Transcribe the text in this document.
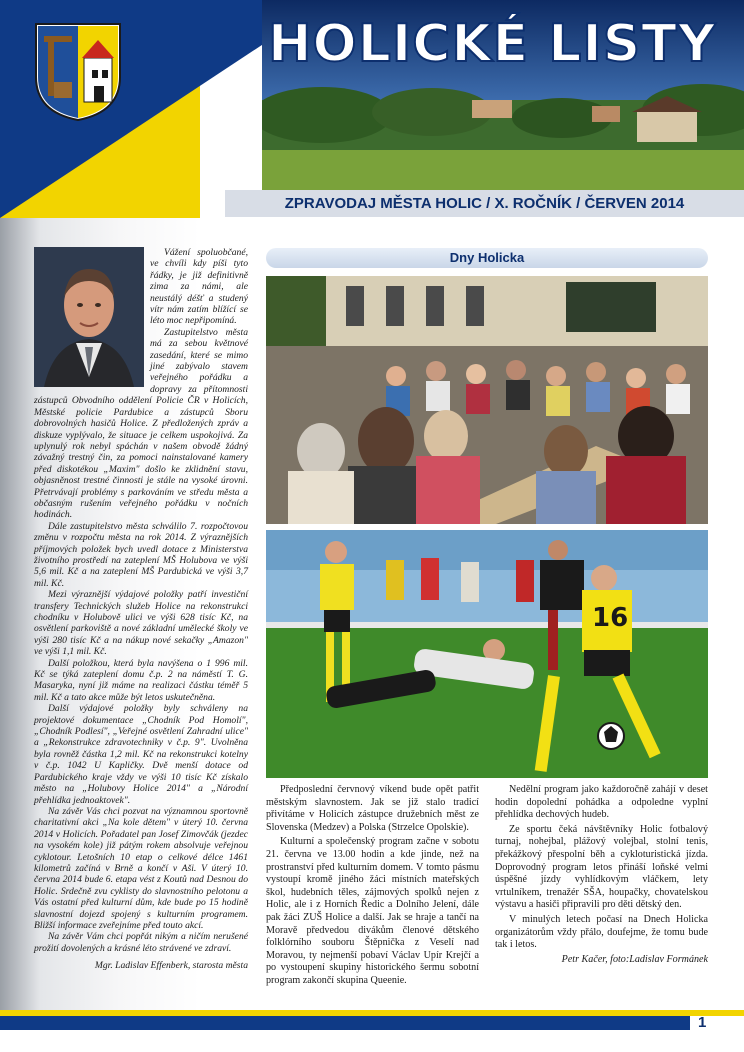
HOLICKÉ LISTY
ZPRAVODAJ MĚSTA HOLIC / X. ROČNÍK / ČERVEN 2014

Vážení spoluobčané, ve chvíli kdy píši tyto řádky, je již definitivně zima za námi, ale neustálý déšť a studený vítr nám zatím blížící se léto moc nepřipomíná.

Zastupitelstvo města má za sebou květnové zasedání, které se mimo jiné zabývalo stavem veřejného pořádku a dopravy za přítomnosti zástupců Obvodního oddělení Policie ČR v Holicích, Městské policie Pardubice a zástupců Sboru dobrovolných hasičů Holice. Z předložených zpráv a diskuze vyplývalo, že situace je celkem uspokojivá. Za uplynulý rok nebyl spáchán v našem obvodě žádný závažný trestný čin, za pomoci nainstalované kamery před diskotékou „Maxim" došlo ke zklidnění stavu, objasněnost trestné činnosti je stále na vysoké úrovni. Přetrvávají problémy s parkováním ve středu města a občasným rušením veřejného pořádku v nočních hodinách.

Dále zastupitelstvo města schválilo 7. rozpočtovou změnu v rozpočtu města na rok 2014. Z výraznějších příjmových položek bych uvedl dotace z Ministerstva životního prostředí na zateplení MŠ Holubova ve výši 5,6 mil. Kč a na zateplení MŠ Pardubická ve výši 3,7 mil. Kč.

Mezi výraznější výdajové položky patří investiční transfery Technických služeb Holice na rekonstrukci chodníku v Holubově ulici ve výši 628 tisíc Kč, na osvětlení parkoviště a nové základní umělecké školy ve výši 280 tisíc Kč a na nákup nové sekačky „Amazon" ve výši 1,1 mil. Kč.

Další položkou, která byla navýšena o 1 996 mil. Kč se týká zateplení domu č.p. 2 na náměstí T. G. Masaryka, nyní již máme na realizaci částku téměř 5 mil. Kč a tato akce může být letos uskutečněna.

Další výdajové položky byly schváleny na projektové dokumentace „Chodník Pod Homolí", „Chodník Podlesí", „Veřejné osvětlení Zahradní ulice" a „Rekonstrukce zdravotechniky v č.p. 9". Uvolněna byla rovněž částka 1,2 mil. Kč na rekonstrukci kotelny v č.p. 1042 U Kapličky. Dvě menší dotace od Pardubického kraje vždy ve výši 10 tisíc Kč získalo město na „Holubovy Holice 2014" a „Národní přehlídka jednoaktovek".

Na závěr Vás chci pozvat na významnou sportovně charitativní akci „Na kole dětem" v úterý 10. června 2014 v Holicích. Pořadatel pan Josef Zimovčák (jezdec na vysokém kole) již pátým rokem absolvuje veřejnou cyklotour. Letošních 10 etap o celkové délce 1461 kilometrů začíná v Brně a končí v Aši. V úterý 10. června 2014 bude 6. etapa vést z Koutů nad Desnou do Holic. Srdečně zvu cyklisty do slavnostního pelotonu a Vás ostatní před kulturní dům, kde bude po 15 hodině slavnostní dojezd spojený s kulturním programem. Bližší informace zveřejníme před touto akcí.

Na závěr Vám chci popřát nikým a ničím nerušené prožití dovolených a krásné léto strávené ve zdraví.

Mgr. Ladislav Effenberk, starosta města

Dny Holicka
16

Předposlední červnový víkend bude opět patřit městským slavnostem. Jak se již stalo tradicí přivítáme v Holicích zástupce družebních měst ze Slovenska (Medzev) a Polska (Strzelce Opolskie).

Kulturní a společenský program začne v sobotu 21. června ve 13.00 hodin a kde jinde, než na prostranství před kulturním domem. V tomto pásmu vystoupí kromě jiného žáci místních mateřských škol, hudebních těles, zájmových spolků nejen z Holic, ale i z Horních Ředic a Dolního Jelení, dále pak žáci ZUŠ Holice a další. Jak se hraje a tančí na Moravě předvedou divákům členové dětského folklórního souboru Štěpnička z Veselí nad Moravou, ty nejmenší pobaví Václav Upír Krejčí a po vystoupení skupiny historického šermu sobotní program zakončí skupina Queenie.

Nedělní program jako každoročně zahájí v deset hodin dopolední pohádka a odpoledne vyplní přehlídka dechových hudeb.

Ze sportu čeká návštěvníky Holic fotbalový turnaj, nohejbal, plážový volejbal, stolní tenis, překážkový přespolní běh a cykloturistická jízda. Doprovodný program letos přináší loňské velmi úspěšné jízdy vyhlídkovým vláčkem, lety vrtulníkem, trenažér SŠA, houpačky, chovatelskou výstavu a hasiči připravili pro děti dětský den.

V minulých letech počasí na Dnech Holicka organizátorům vždy přálo, doufejme, že tomu bude tak i letos.

Petr Kačer, foto:Ladislav Formánek

1
